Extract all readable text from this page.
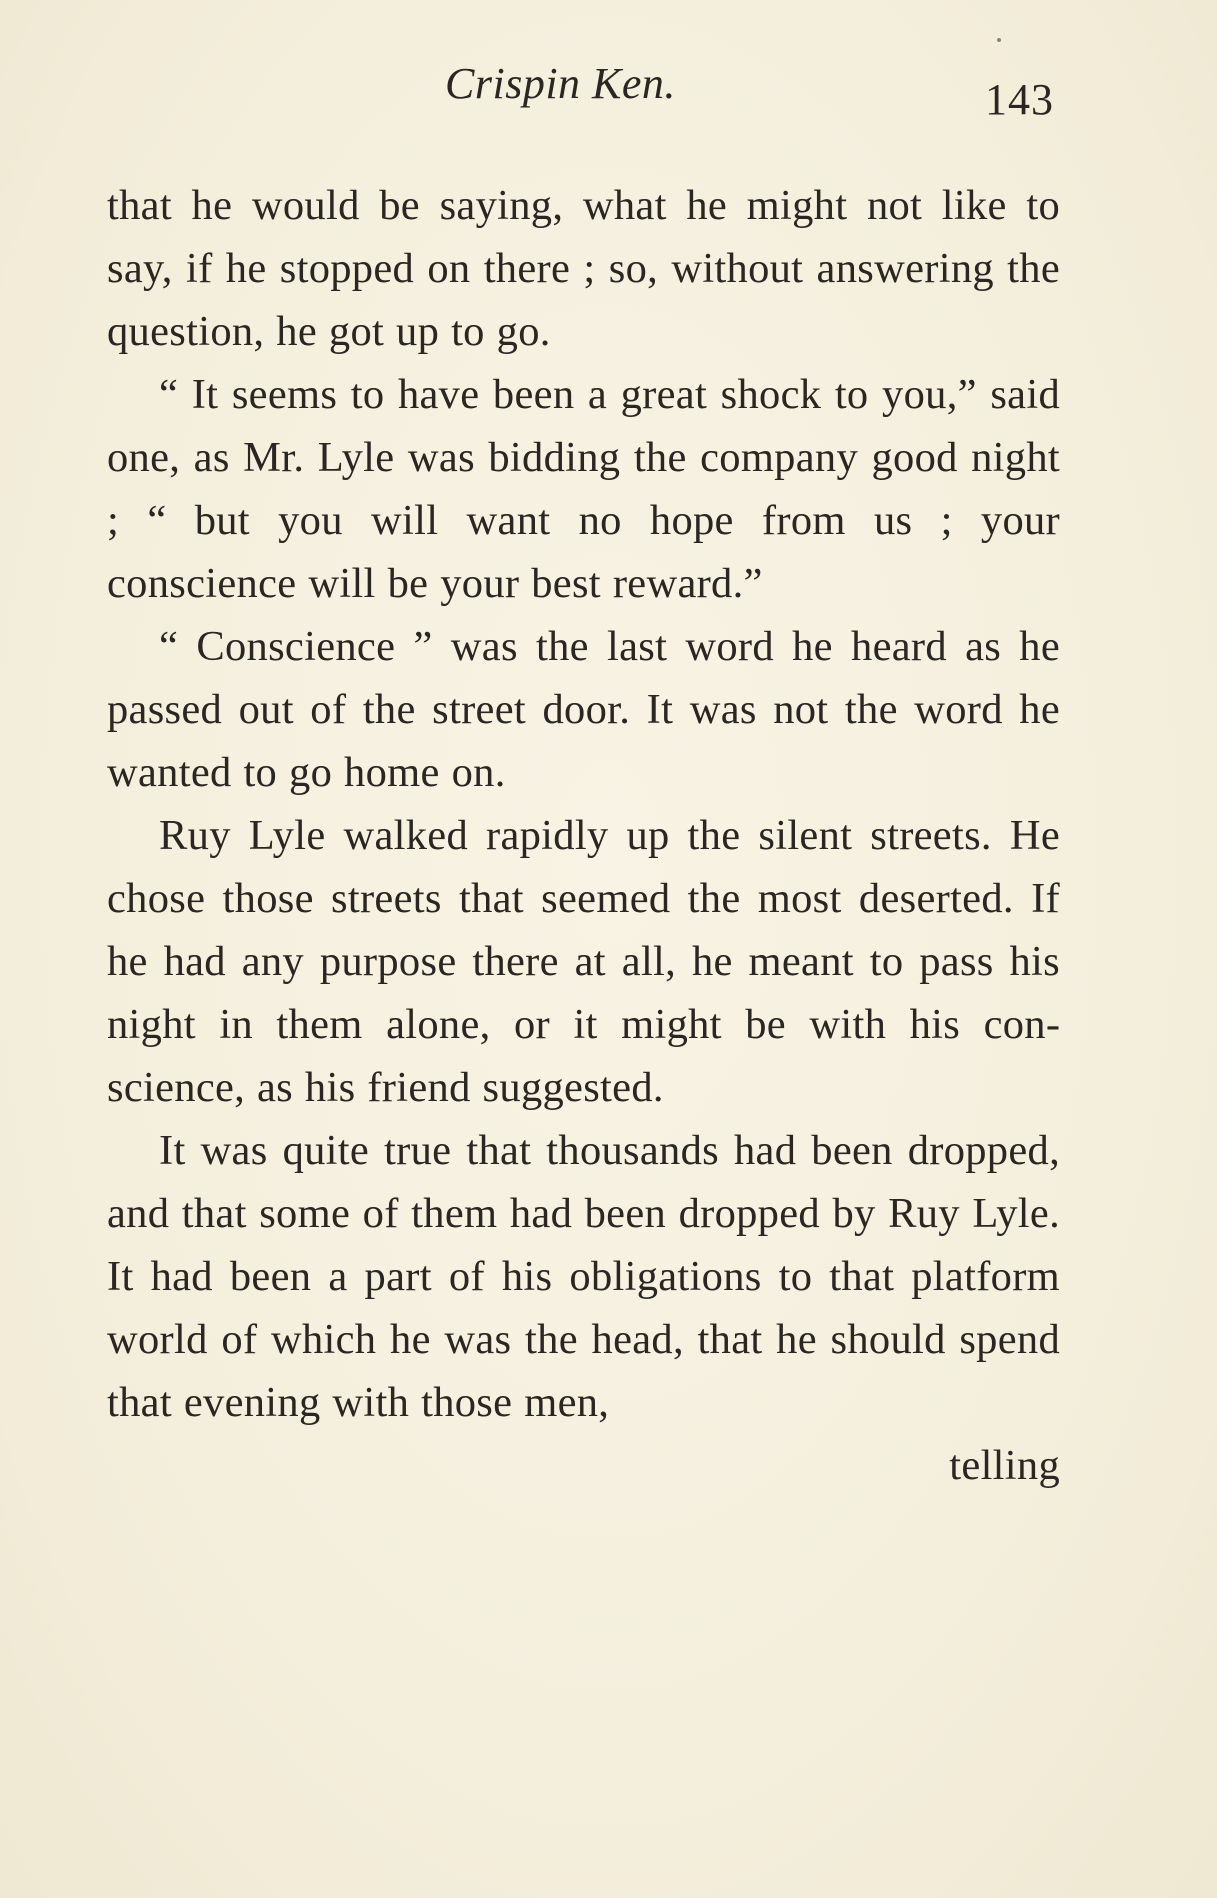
Crispin Ken.	143

that he would be saying, what he might not like to say, if he stopped on there ; so, without answering the question, he got up to go.

“ It seems to have been a great shock to you,” said one, as Mr. Lyle was bidding the company good night ; “ but you will want no hope from us ; your conscience will be your best reward.”

“ Conscience ” was the last word he heard as he passed out of the street door. It was not the word he wanted to go home on.

Ruy Lyle walked rapidly up the silent streets. He chose those streets that seemed the most deserted. If he had any purpose there at all, he meant to pass his night in them alone, or it might be with his conscience, as his friend suggested.

It was quite true that thousands had been dropped, and that some of them had been dropped by Ruy Lyle. It had been a part of his obligations to that platform world of which he was the head, that he should spend that evening with those men,

telling
